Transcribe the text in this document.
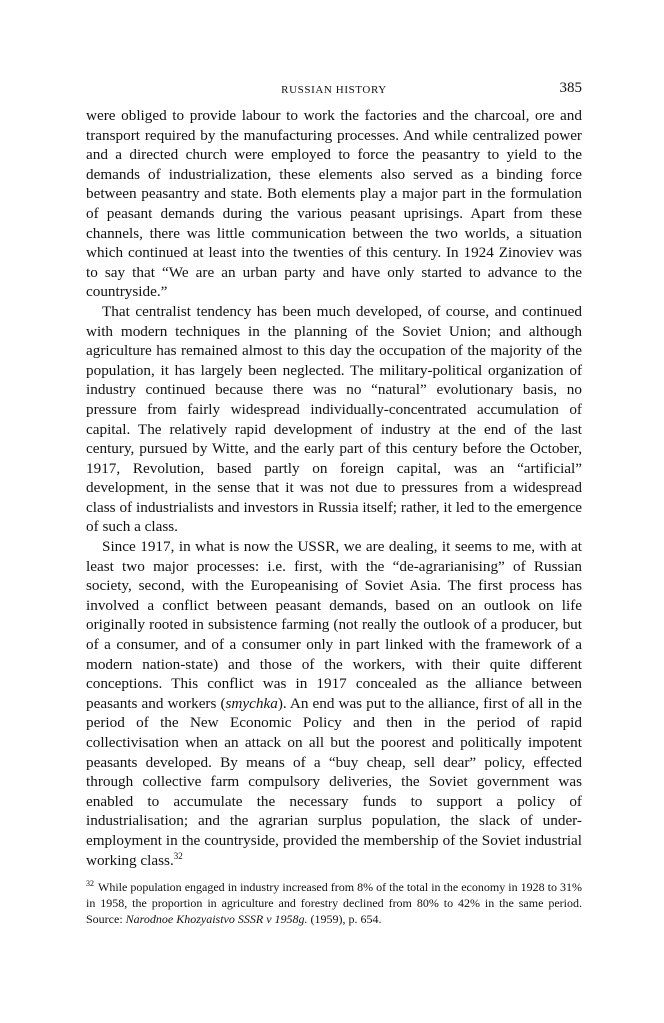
RUSSIAN HISTORY	385

were obliged to provide labour to work the factories and the charcoal, ore and transport required by the manufacturing processes. And while centralized power and a directed church were employed to force the peasantry to yield to the demands of industrialization, these elements also served as a binding force between peasantry and state. Both elements play a major part in the formulation of peasant demands during the various peasant uprisings. Apart from these channels, there was little communication between the two worlds, a situation which continued at least into the twenties of this century. In 1924 Zinoviev was to say that “We are an urban party and have only started to advance to the countryside.”

That centralist tendency has been much developed, of course, and continued with modern techniques in the planning of the Soviet Union; and although agriculture has remained almost to this day the occupation of the majority of the population, it has largely been neglected. The military-political organization of industry continued because there was no “natural” evolutionary basis, no pressure from fairly widespread individually-concentrated accumulation of capital. The relatively rapid development of industry at the end of the last century, pursued by Witte, and the early part of this century before the October, 1917, Revolution, based partly on foreign capital, was an “artificial” development, in the sense that it was not due to pressures from a widespread class of industrialists and investors in Russia itself; rather, it led to the emergence of such a class.

Since 1917, in what is now the USSR, we are dealing, it seems to me, with at least two major processes: i.e. first, with the “de-agrarianising” of Russian society, second, with the Europeanising of Soviet Asia. The first process has involved a conflict between peasant demands, based on an outlook on life originally rooted in subsistence farming (not really the outlook of a producer, but of a consumer, and of a consumer only in part linked with the framework of a modern nation-state) and those of the workers, with their quite different conceptions. This conflict was in 1917 concealed as the alliance between peasants and workers (smychka). An end was put to the alliance, first of all in the period of the New Economic Policy and then in the period of rapid collectivisation when an attack on all but the poorest and politically impotent peasants developed. By means of a “buy cheap, sell dear” policy, effected through collective farm compulsory deliveries, the Soviet government was enabled to accumulate the necessary funds to support a policy of industrialisation; and the agrarian surplus population, the slack of under-employment in the countryside, provided the membership of the Soviet industrial working class.$^{32}$

$^{32}$ While population engaged in industry increased from 8% of the total in the economy in 1928 to 31% in 1958, the proportion in agriculture and forestry declined from 80% to 42% in the same period. Source: Narodnoe Khozyaistvo SSSR v 1958g. (1959), p. 654.
